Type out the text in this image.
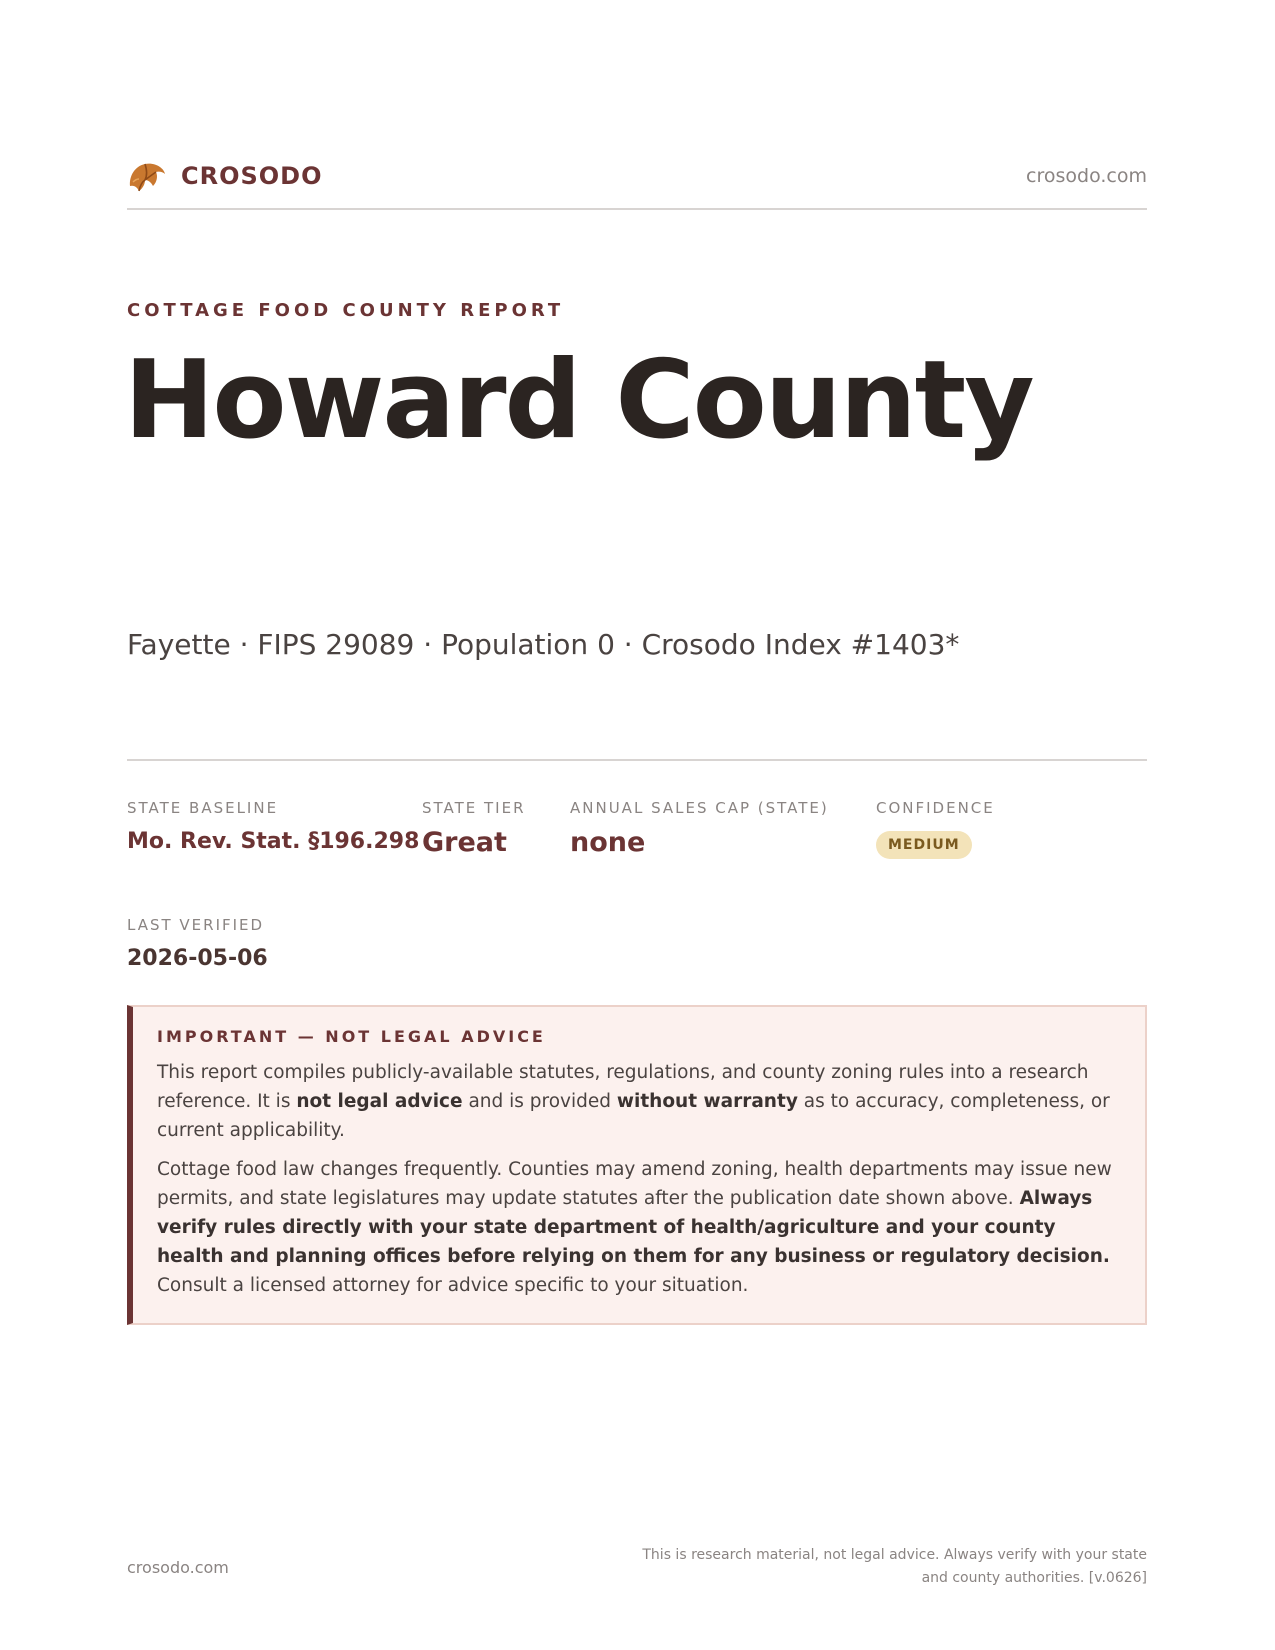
CROSODO	crosodo.com
COTTAGE FOOD COUNTY REPORT
Howard County
Fayette · FIPS 29089 · Population 0 · Crosodo Index #1403*
STATE BASELINE
Mo. Rev. Stat. §196.298
STATE TIER
Great
ANNUAL SALES CAP (STATE)
none
CONFIDENCE
MEDIUM
LAST VERIFIED
2026-05-06
IMPORTANT — NOT LEGAL ADVICE

This report compiles publicly-available statutes, regulations, and county zoning rules into a research reference. It is not legal advice and is provided without warranty as to accuracy, completeness, or current applicability.

Cottage food law changes frequently. Counties may amend zoning, health departments may issue new permits, and state legislatures may update statutes after the publication date shown above. Always verify rules directly with your state department of health/agriculture and your county health and planning offices before relying on them for any business or regulatory decision. Consult a licensed attorney for advice specific to your situation.

crosodo.com
This is research material, not legal advice. Always verify with your state
and county authorities. [v.0626]
